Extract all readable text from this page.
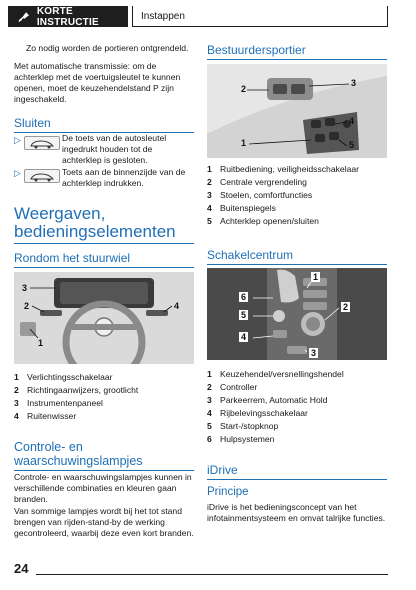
KORTE INSTRUCTIE
Instappen
Zo nodig worden de portieren ontgrendeld.
Met automatische transmissie: om de achterklep met de voertuigsleutel te kunnen openen, moet de keuzehendelstand P zijn ingeschakeld.
Sluiten
▷	De toets van de autosleutel ingedrukt houden tot de achterklep is gesloten.
▷	Toets aan de binnenzijde van de achterklep indrukken.
Weergaven,
bedieningselementen
Rondom het stuurwiel
3
2	4
1
1 Verlichtingsschakelaar
2 Richtingaanwijzers, grootlicht
3 Instrumentenpaneel
4 Ruitenwisser
Controle- en
waarschuwingslampjes
Controle- en waarschuwingslampjes kunnen in verschillende combinaties en kleuren gaan branden.
Van sommige lampjes wordt bij het tot stand brengen van rijden-stand-by de werking gecontroleerd, waarbij deze even kort branden.
Bestuurdersportier
2
3
4
1	5
1 Ruitbediening, veiligheidsschakelaar
2 Centrale vergrendeling
3 Stoelen, comfortfuncties
4 Buitenspiegels
5 Achterklep openen/sluiten
Schakelcentrum
1
6
2
5
4
3
1 Keuzehendel/versnellingshendel
2 Controller
3 Parkeerrem, Automatic Hold
4 Rijbelevingsschakelaar
5 Start-/stopknop
6 Hulpsystemen
iDrive
Principe
iDrive is het bedieningsconcept van het infotainmentsysteem en omvat talrijke functies.
24
